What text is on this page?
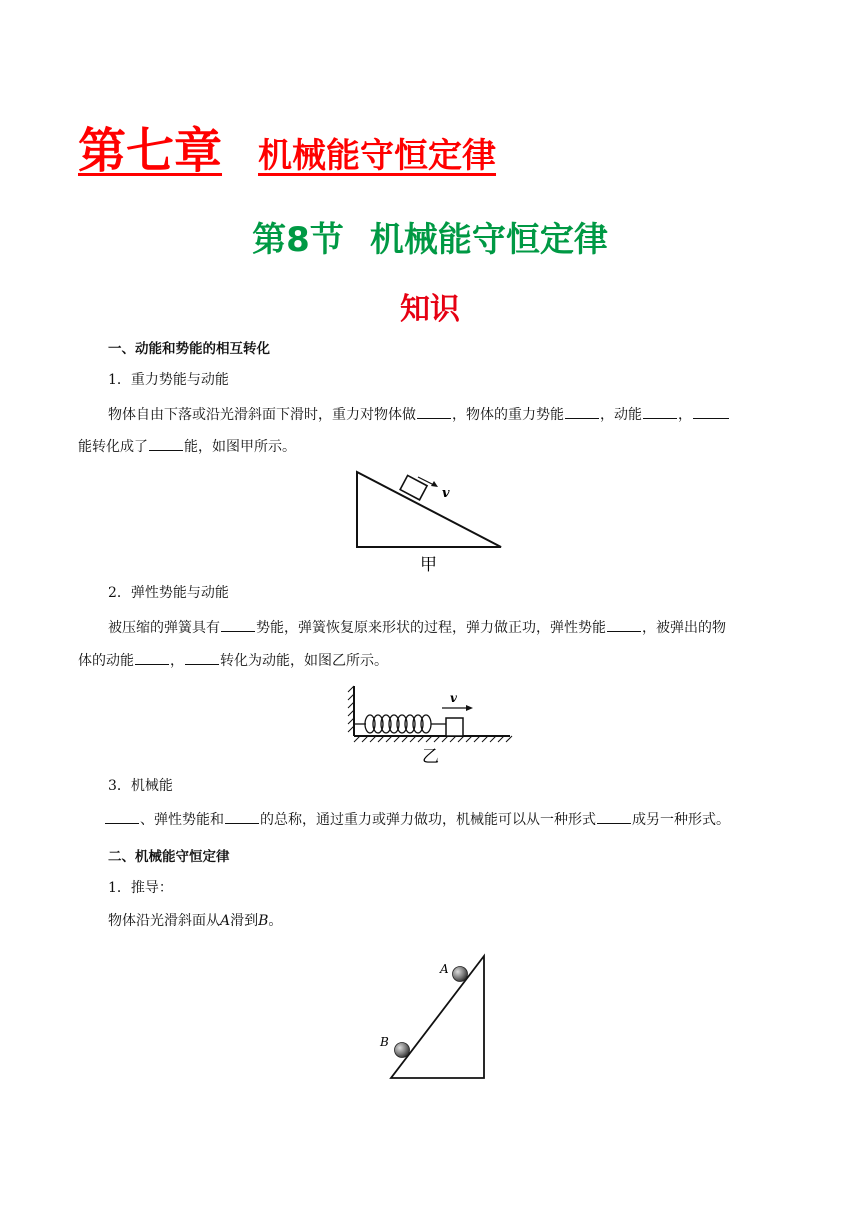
第七章 机械能守恒定律
第8节 机械能守恒定律
知识
一、动能和势能的相互转化
1．重力势能与动能
物体自由下落或沿光滑斜面下滑时，重力对物体做	，物体的重力势能	，动能	，
能转化成了	能，如图甲所示。
v
甲
2．弹性势能与动能
被压缩的弹簧具有	势能，弹簧恢复原来形状的过程，弹力做正功，弹性势能	，被弹出的物
体的动能	，	转化为动能，如图乙所示。
v
乙
3．机械能
、弹性势能和	的总称，通过重力或弹力做功，机械能可以从一种形式	成另一种形式。
二、机械能守恒定律
1．推导：
物体沿光滑斜面从A滑到B。
A
B
